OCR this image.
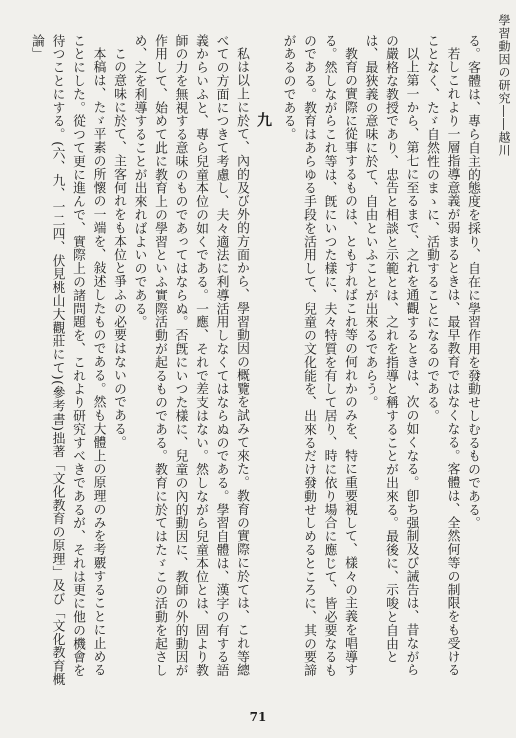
學習動因の研究――越川

る。客體は、專ら自主的態度を採り、自在に學習作用を發動せしむるものである。

若しこれより一層指導意義が弱まるときは、最早教育ではなくなる。客體は、全然何等の制限をも受けることなく、たゞ自然性のまゝに、活動することになるのである。

以上第一から、第七に至るまで、之れを通觀するときは、次の如くなる。卽ち强制及び誡告は、昔ながらの嚴格な教授であり、忠告と相談と示範とは、之れを指導と稱することが出來る。最後に、示唆と自由とは、最狹義の意味に於て、自由といふことが出來るであらう。

教育の實際に從事するものは、ともすればこれ等の何れかのみを、特に重要視して、樣々の主義を唱導する。然しながらこれ等は、旣にいつた樣に、夫々特質を有して居り、時に依り場合に應じて、皆必要なるものである。教育はあらゆる手段を活用して、兒童の文化能を、出來るだけ發動せしめるところに、其の要諦があるのである。

九

私は以上に於て、內的及び外的方面から、學習動因の概覽を試みて來た。教育の實際に於ては、これ等總べての方面につきて考慮し、夫々適法に利導活用しなくてはならぬのである。學習自體は、漢字の有する語義からいふと、專ら兒童本位の如くである。一應、それで差支はない。然しながら兒童本位とは、固より教師の力を無視する意味のものであってはならぬ。否旣にいつた樣に、兒童の內的動因に、教師の外的動因が作用して、始めて此に教育上の學習といふ實際活動が起るものである。教育に於てはたゞこの活動を起さしめ、之を利導することが出來ればよいのである。

この意味に於て、主客何れをも本位と爭ふの必要はないのである。

本稿は、たゞ平素の所懷の一端を、敍述したものである。然も大體上の原理のみを考覈することに止めることにした。從つて更に進んで、實際上の諸問題を、これより研究すべきであるが、それは更に他の機會を待つことにする。(六、九、一二四、伏見桃山大觀莊にて)(參考書)拙著「文化教育の原理」及び「文化教育概論」

71
